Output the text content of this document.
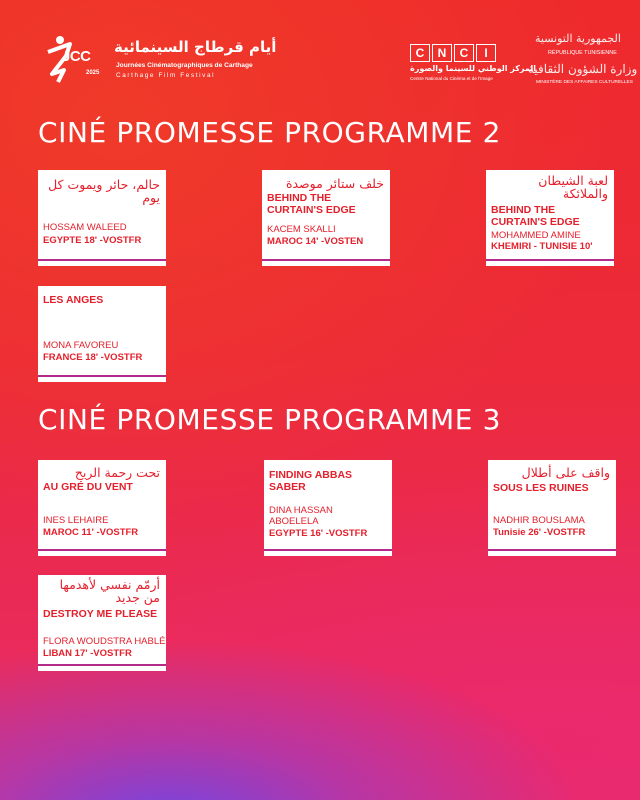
JCC
2025
أيام قرطاج السينمائية
Journées Cinématographiques de Carthage
Carthage Film Festival
C	N	C	I
المركز الوطني للسينما والصورة
Centre National du Cinéma et de l'Image
الجمهورية التونسية
RÉPUBLIQUE TUNISIENNE
وزارة الشؤون الثقافية
MINISTÈRE DES AFFAIRES CULTURELLES
CINÉ PROMESSE PROGRAMME 2
حالم، حائر ويموت كل يوم
HOSSAM WALEED
EGYPTE 18' -VOSTFR
خلف ستائر موصدة
BEHIND THE CURTAIN'S EDGE
KACEM SKALLI
MAROC 14' -VOSTEN
لعبة الشيطان والملائكة
BEHIND THE CURTAIN'S EDGE
MOHAMMED AMINE
KHEMIRI - TUNISIE 10'
LES ANGES
MONA FAVOREU
FRANCE 18' -VOSTFR
CINÉ PROMESSE PROGRAMME 3
تحت رحمة الريح
AU GRÉ DU VENT
INES LEHAIRE
MAROC 11' -VOSTFR
FINDING ABBAS SABER
DINA HASSAN
ABOELELA
EGYPTE 16' -VOSTFR
واقف على أطلال
SOUS LES RUINES
NADHIR BOUSLAMA
Tunisie 26' -VOSTFR
أرمّم نفسي لأهدمها من جديد
DESTROY ME PLEASE
FLORA WOUDSTRA HABLÉ
LIBAN 17' -VOSTFR
